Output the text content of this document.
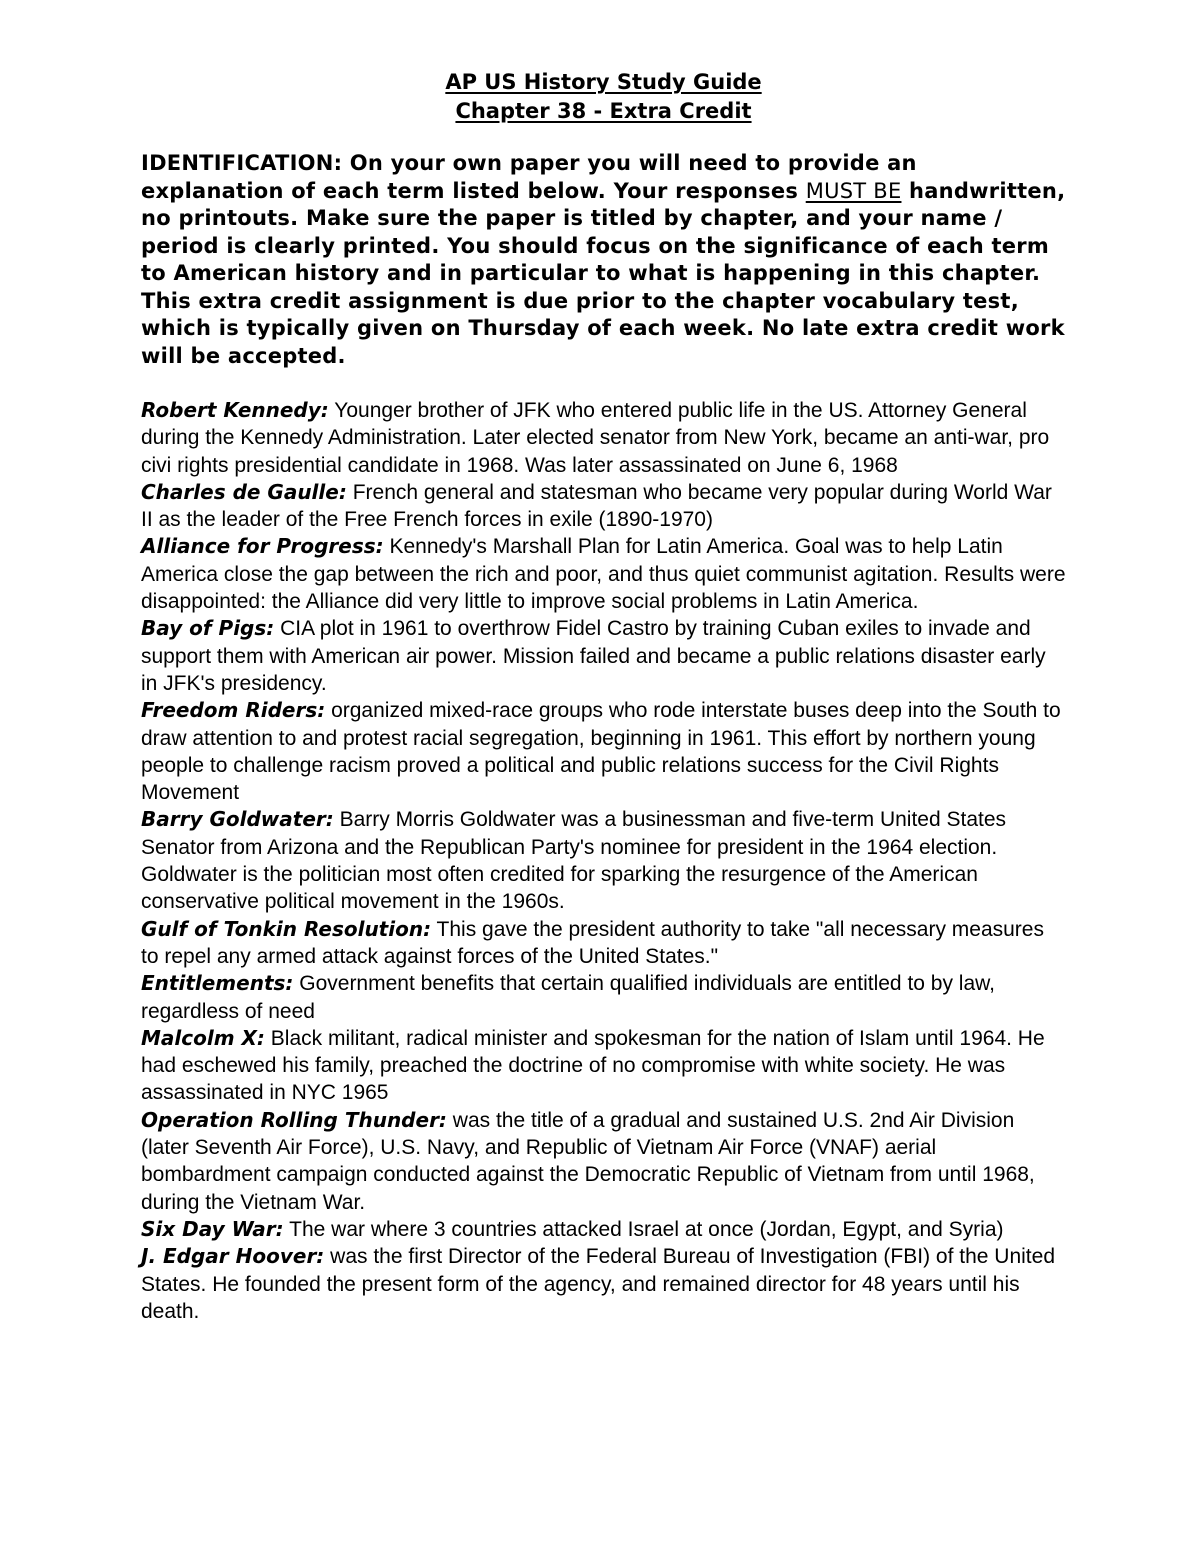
AP US History Study Guide
Chapter 38 - Extra Credit
IDENTIFICATION: On your own paper you will need to provide an explanation of each term listed below. Your responses MUST BE handwritten, no printouts. Make sure the paper is titled by chapter, and your name / period is clearly printed. You should focus on the significance of each term to American history and in particular to what is happening in this chapter. This extra credit assignment is due prior to the chapter vocabulary test, which is typically given on Thursday of each week. No late extra credit work will be accepted.
Robert Kennedy: Younger brother of JFK who entered public life in the US. Attorney General during the Kennedy Administration. Later elected senator from New York, became an anti-war, pro civi rights presidential candidate in 1968. Was later assassinated on June 6, 1968
Charles de Gaulle: French general and statesman who became very popular during World War II as the leader of the Free French forces in exile (1890-1970)
Alliance for Progress: Kennedy's Marshall Plan for Latin America. Goal was to help Latin America close the gap between the rich and poor, and thus quiet communist agitation. Results were disappointed: the Alliance did very little to improve social problems in Latin America.
Bay of Pigs: CIA plot in 1961 to overthrow Fidel Castro by training Cuban exiles to invade and support them with American air power. Mission failed and became a public relations disaster early in JFK's presidency.
Freedom Riders: organized mixed-race groups who rode interstate buses deep into the South to draw attention to and protest racial segregation, beginning in 1961. This effort by northern young people to challenge racism proved a political and public relations success for the Civil Rights Movement
Barry Goldwater: Barry Morris Goldwater was a businessman and five-term United States Senator from Arizona and the Republican Party's nominee for president in the 1964 election. Goldwater is the politician most often credited for sparking the resurgence of the American conservative political movement in the 1960s.
Gulf of Tonkin Resolution: This gave the president authority to take "all necessary measures to repel any armed attack against forces of the United States."
Entitlements: Government benefits that certain qualified individuals are entitled to by law, regardless of need
Malcolm X: Black militant, radical minister and spokesman for the nation of Islam until 1964. He had eschewed his family, preached the doctrine of no compromise with white society. He was assassinated in NYC 1965
Operation Rolling Thunder: was the title of a gradual and sustained U.S. 2nd Air Division (later Seventh Air Force), U.S. Navy, and Republic of Vietnam Air Force (VNAF) aerial bombardment campaign conducted against the Democratic Republic of Vietnam from until 1968, during the Vietnam War.
Six Day War: The war where 3 countries attacked Israel at once (Jordan, Egypt, and Syria)
J. Edgar Hoover: was the first Director of the Federal Bureau of Investigation (FBI) of the United States. He founded the present form of the agency, and remained director for 48 years until his death.
